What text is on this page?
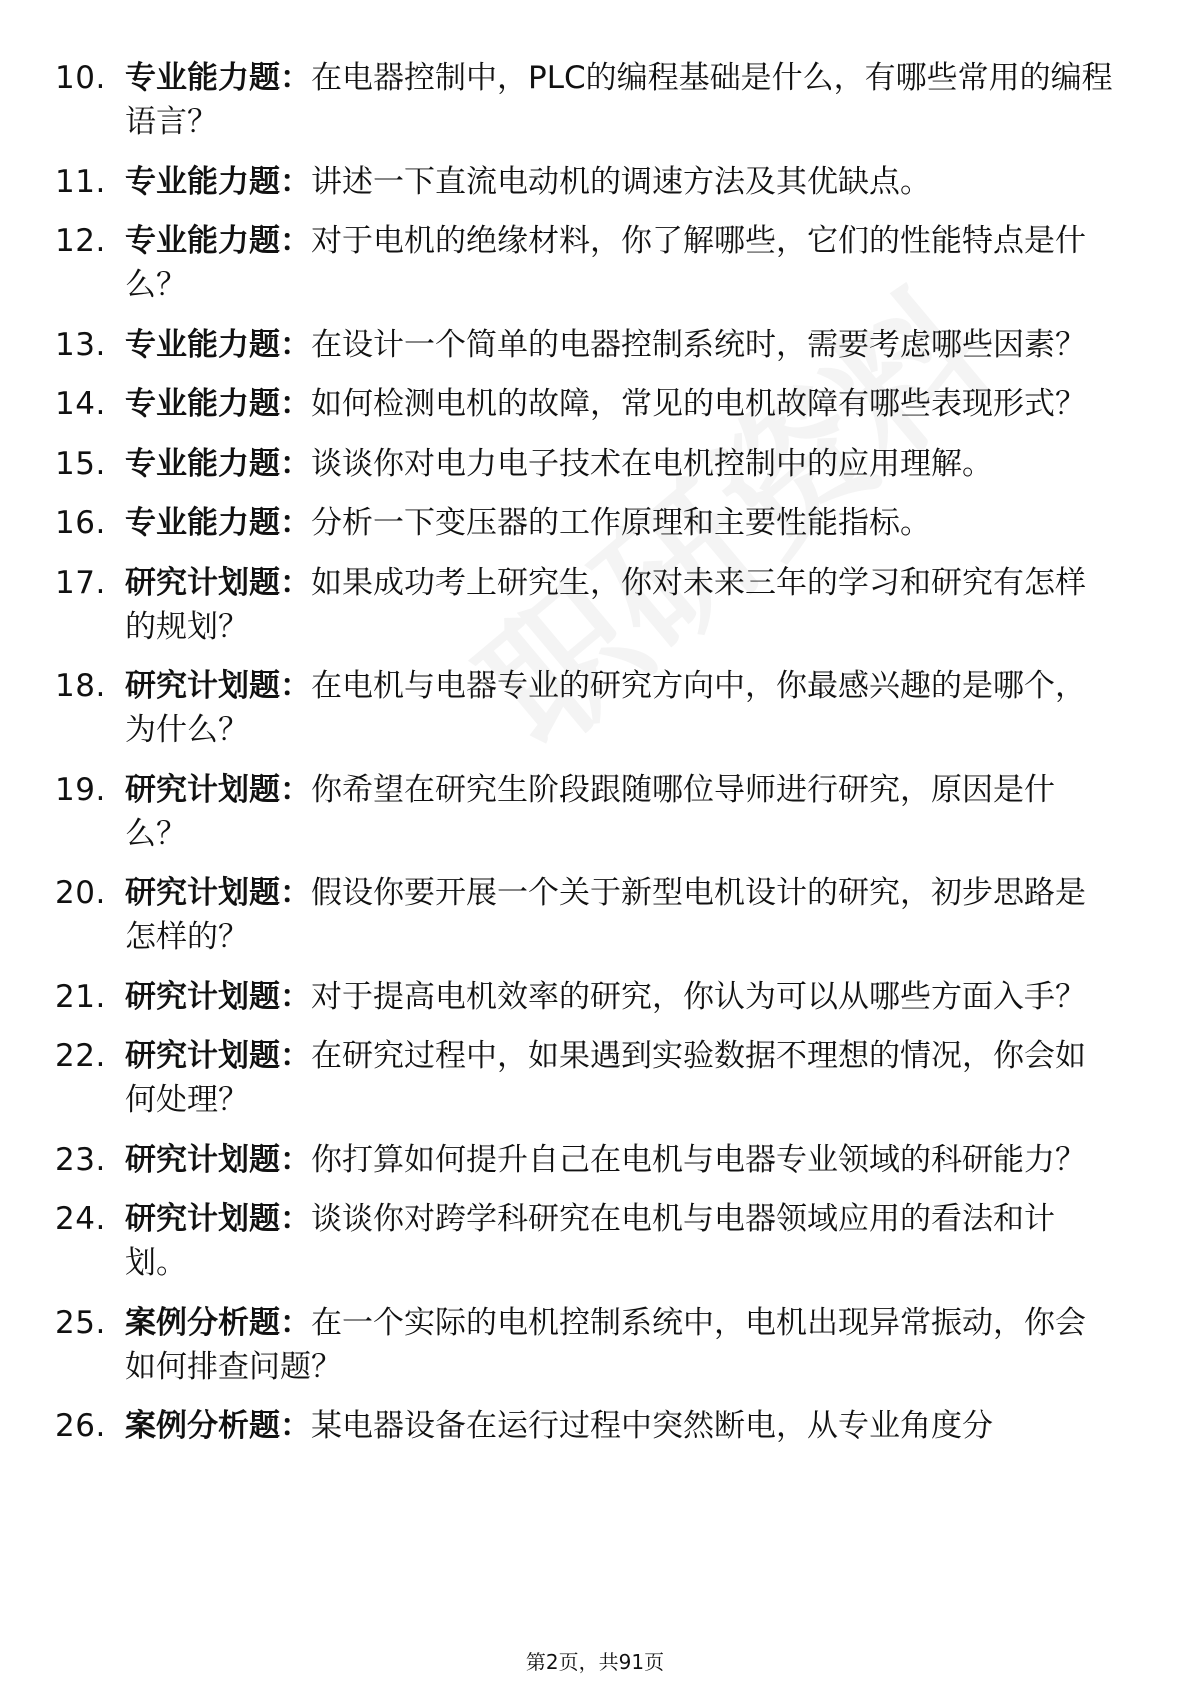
10. 专业能力题：在电器控制中，PLC的编程基础是什么，有哪些常用的编程语言？
11. 专业能力题：讲述一下直流电动机的调速方法及其优缺点。
12. 专业能力题：对于电机的绝缘材料，你了解哪些，它们的性能特点是什么？
13. 专业能力题：在设计一个简单的电器控制系统时，需要考虑哪些因素？
14. 专业能力题：如何检测电机的故障，常见的电机故障有哪些表现形式？
15. 专业能力题：谈谈你对电力电子技术在电机控制中的应用理解。
16. 专业能力题：分析一下变压器的工作原理和主要性能指标。
17. 研究计划题：如果成功考上研究生，你对未来三年的学习和研究有怎样的规划？
18. 研究计划题：在电机与电器专业的研究方向中，你最感兴趣的是哪个，为什么？
19. 研究计划题：你希望在研究生阶段跟随哪位导师进行研究，原因是什么？
20. 研究计划题：假设你要开展一个关于新型电机设计的研究，初步思路是怎样的？
21. 研究计划题：对于提高电机效率的研究，你认为可以从哪些方面入手？
22. 研究计划题：在研究过程中，如果遇到实验数据不理想的情况，你会如何处理？
23. 研究计划题：你打算如何提升自己在电机与电器专业领域的科研能力？
24. 研究计划题：谈谈你对跨学科研究在电机与电器领域应用的看法和计划。
25. 案例分析题：在一个实际的电机控制系统中，电机出现异常振动，你会如何排查问题？
26. 案例分析题：某电器设备在运行过程中突然断电，从专业角度分
第2页，共91页
